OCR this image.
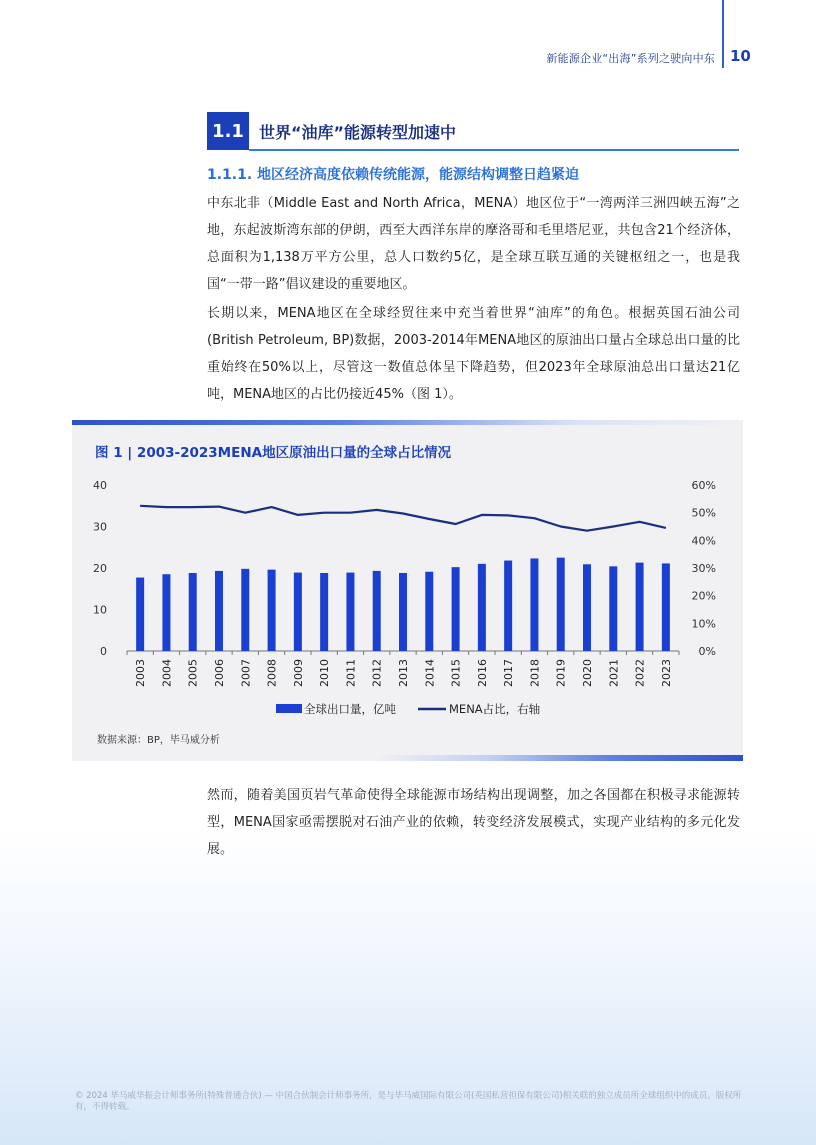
新能源企业“出海”系列之驶向中东 10
1.1 世界“油库”能源转型加速中
1.1.1. 地区经济高度依赖传统能源，能源结构调整日趋紧迫

中东北非（Middle East and North Africa，MENA）地区位于“一湾两洋三洲四峡五海”之地，东起波斯湾东部的伊朗，西至大西洋东岸的摩洛哥和毛里塔尼亚，共包含21个经济体，总面积为1,138万平方公里，总人口数约5亿，是全球互联互通的关键枢纽之一，也是我国“一带一路”倡议建设的重要地区。

长期以来，MENA地区在全球经贸往来中充当着世界“油库”的角色。根据英国石油公司(British Petroleum, BP)数据，2003-2014年MENA地区的原油出口量占全球总出口量的比重始终在50%以上，尽管这一数值总体呈下降趋势，但2023年全球原油总出口量达21亿吨，MENA地区的占比仍接近45%（图 1）。

图 1 | 2003-2023MENA地区原油出口量的全球占比情况
0
10
20
30
40
0%
10%
20%
30%
40%
50%
60%
2003 2004 2005 2006 2007 2008 2009 2010 2011 2012 2013 2014 2015 2016 2017 2018 2019 2020 2021 2022 2023
全球出口量，亿吨	MENA占比，右轴
数据来源：BP，毕马威分析

然而，随着美国页岩气革命使得全球能源市场结构出现调整，加之各国都在积极寻求能源转型，MENA国家亟需摆脱对石油产业的依赖，转变经济发展模式，实现产业结构的多元化发展。

© 2024 毕马威华振会计师事务所(特殊普通合伙) — 中国合伙制会计师事务所，是与毕马威国际有限公司(英国私营担保有限公司)相关联的独立成员所全球组织中的成员。版权所有，不得转载。
